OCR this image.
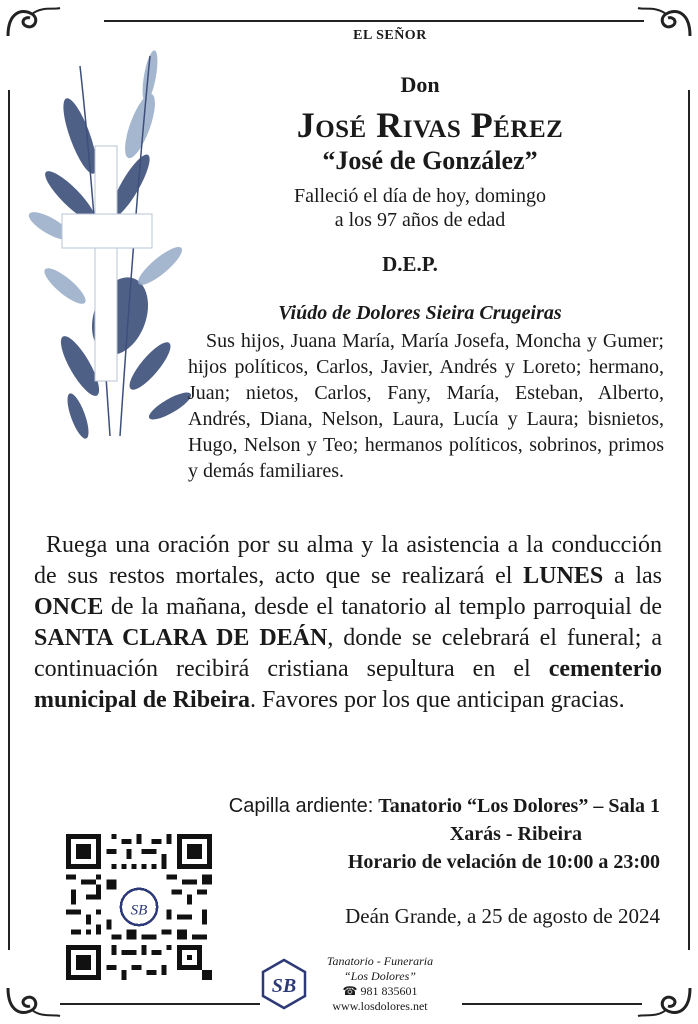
EL SEÑOR
Don
José Rivas Pérez
“José de González”
Falleció el día de hoy, domingo
a los 97 años de edad
D.E.P.
Viúdo de Dolores Sieira Crugeiras
Sus hijos, Juana María, María Josefa, Moncha y Gumer; hijos políticos, Carlos, Javier, Andrés y Loreto; hermano, Juan; nietos, Carlos, Fany, María, Esteban, Alberto, Andrés, Diana, Nelson, Laura, Lucía y Laura; bisnietos, Hugo, Nelson y Teo; hermanos políticos, sobrinos, primos y demás familiares.
Ruega una oración por su alma y la asistencia a la conducción de sus restos mortales, acto que se realizará el LUNES a las ONCE de la mañana, desde el tanatorio al templo parroquial de SANTA CLARA DE DEÁN, donde se celebrará el funeral; a continuación recibirá cristiana sepultura en el cementerio municipal de Ribeira. Favores por los que anticipan gracias.
Capilla ardiente: Tanatorio “Los Dolores” – Sala 1
Xarás - Ribeira
Horario de velación de 10:00 a 23:00
Deán Grande, a 25 de agosto de 2024
SB
SB
Tanatorio - Funeraria
“Los Dolores”
☎ 981 835601
www.losdolores.net
